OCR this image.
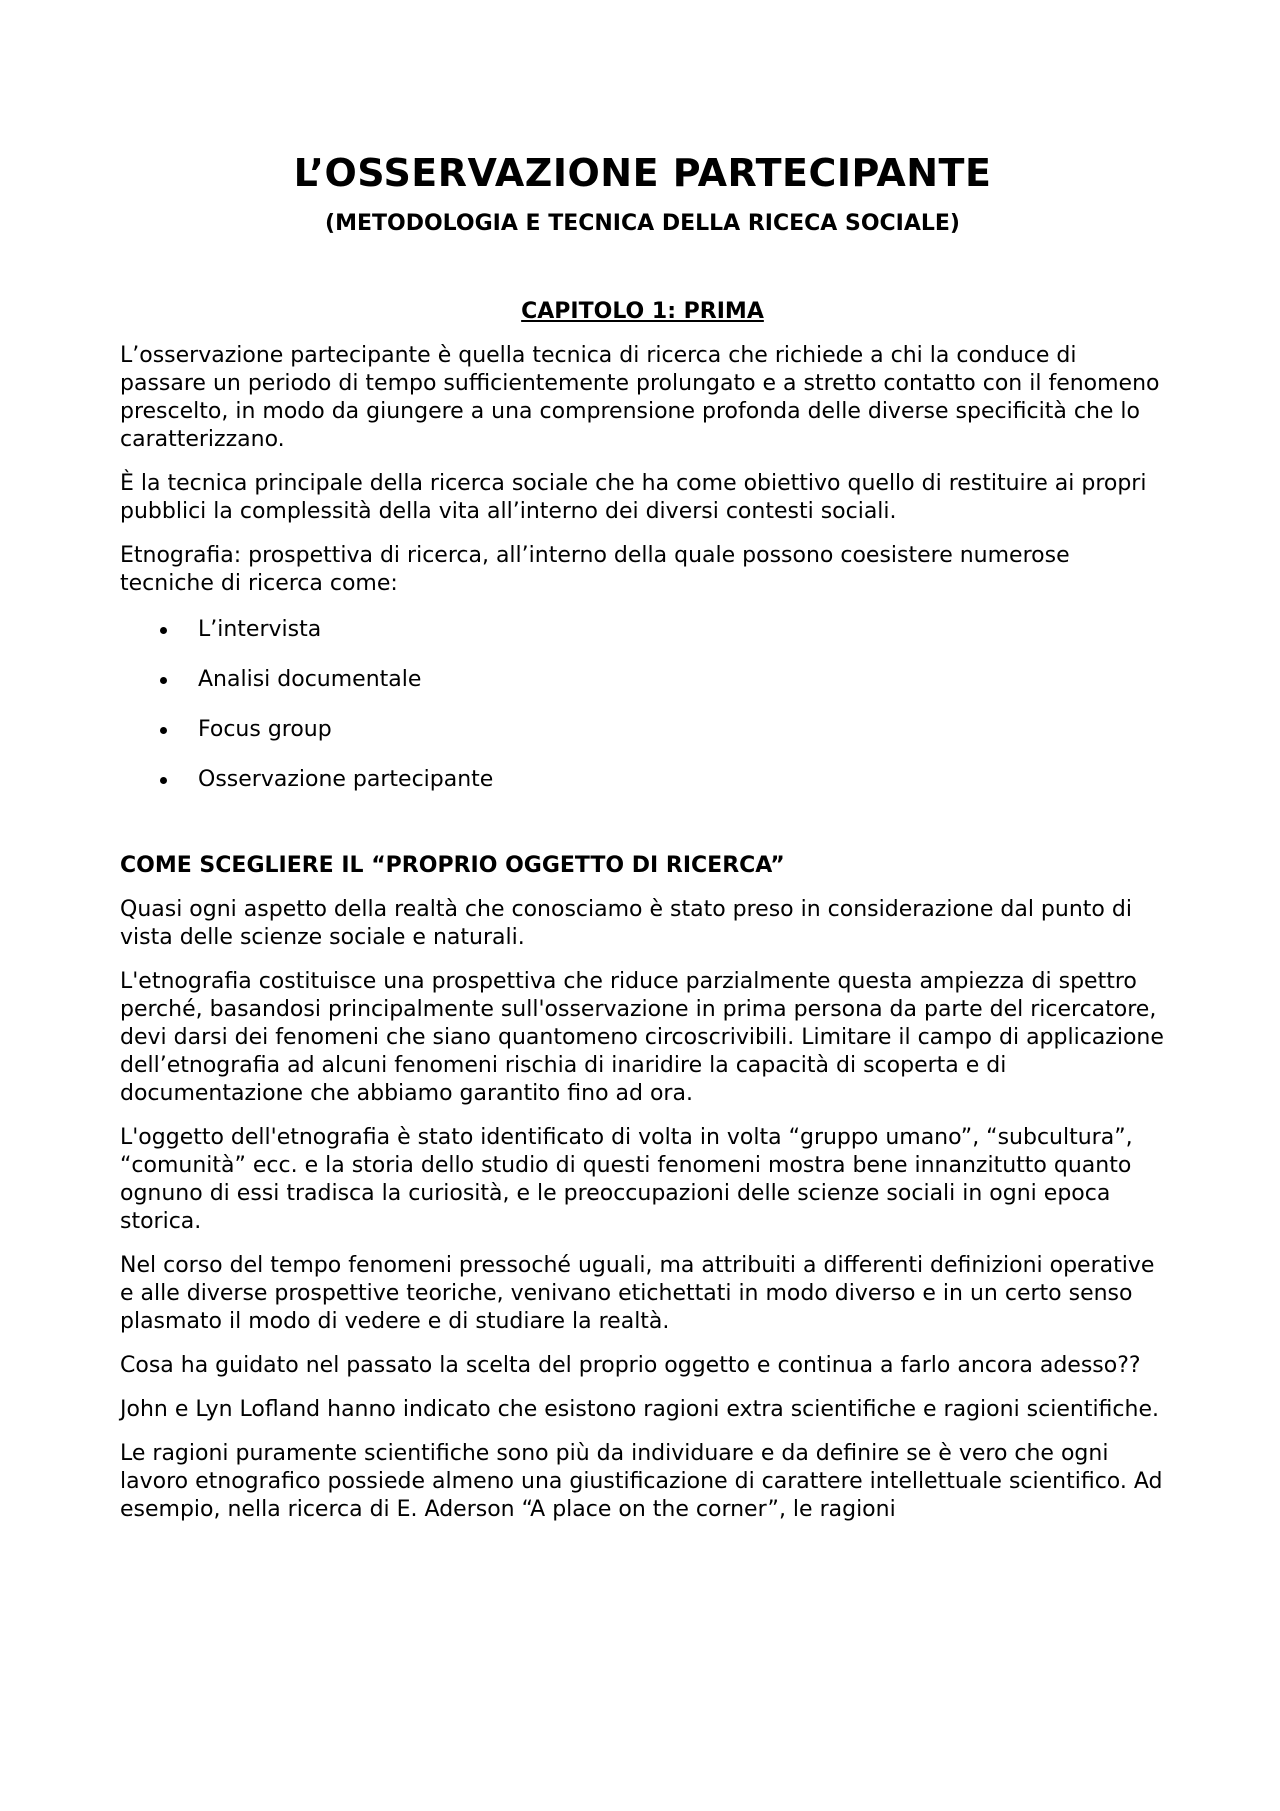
L’OSSERVAZIONE PARTECIPANTE
(METODOLOGIA E TECNICA DELLA RICECA SOCIALE)
CAPITOLO 1: PRIMA

L’osservazione partecipante è quella tecnica di ricerca che richiede a chi la conduce di passare un periodo di tempo sufficientemente prolungato e a stretto contatto con il fenomeno prescelto, in modo da giungere a una comprensione profonda delle diverse specificità che lo caratterizzano.

È la tecnica principale della ricerca sociale che ha come obiettivo quello di restituire ai propri pubblici la complessità della vita all’interno dei diversi contesti sociali.

Etnografia: prospettiva di ricerca, all’interno della quale possono coesistere numerose tecniche di ricerca come:

L’intervista
Analisi documentale
Focus group
Osservazione partecipante
COME SCEGLIERE IL “PROPRIO OGGETTO DI RICERCA”

Quasi ogni aspetto della realtà che conosciamo è stato preso in considerazione dal punto di vista delle scienze sociale e naturali.

L'etnografia costituisce una prospettiva che riduce parzialmente questa ampiezza di spettro perché, basandosi principalmente sull'osservazione in prima persona da parte del ricercatore, devi darsi dei fenomeni che siano quantomeno circoscrivibili. Limitare il campo di applicazione dell’etnografia ad alcuni fenomeni rischia di inaridire la capacità di scoperta e di documentazione che abbiamo garantito fino ad ora.

L'oggetto dell'etnografia è stato identificato di volta in volta “gruppo umano”, “subcultura”, “comunità” ecc. e la storia dello studio di questi fenomeni mostra bene innanzitutto quanto ognuno di essi tradisca la curiosità, e le preoccupazioni delle scienze sociali in ogni epoca storica.

Nel corso del tempo fenomeni pressoché uguali, ma attribuiti a differenti definizioni operative e alle diverse prospettive teoriche, venivano etichettati in modo diverso e in un certo senso plasmato il modo di vedere e di studiare la realtà.

Cosa ha guidato nel passato la scelta del proprio oggetto e continua a farlo ancora adesso??

John e Lyn Lofland hanno indicato che esistono ragioni extra scientifiche e ragioni scientifiche.

Le ragioni puramente scientifiche sono più da individuare e da definire se è vero che ogni lavoro etnografico possiede almeno una giustificazione di carattere intellettuale scientifico. Ad esempio, nella ricerca di E. Aderson “A place on the corner”, le ragioni
